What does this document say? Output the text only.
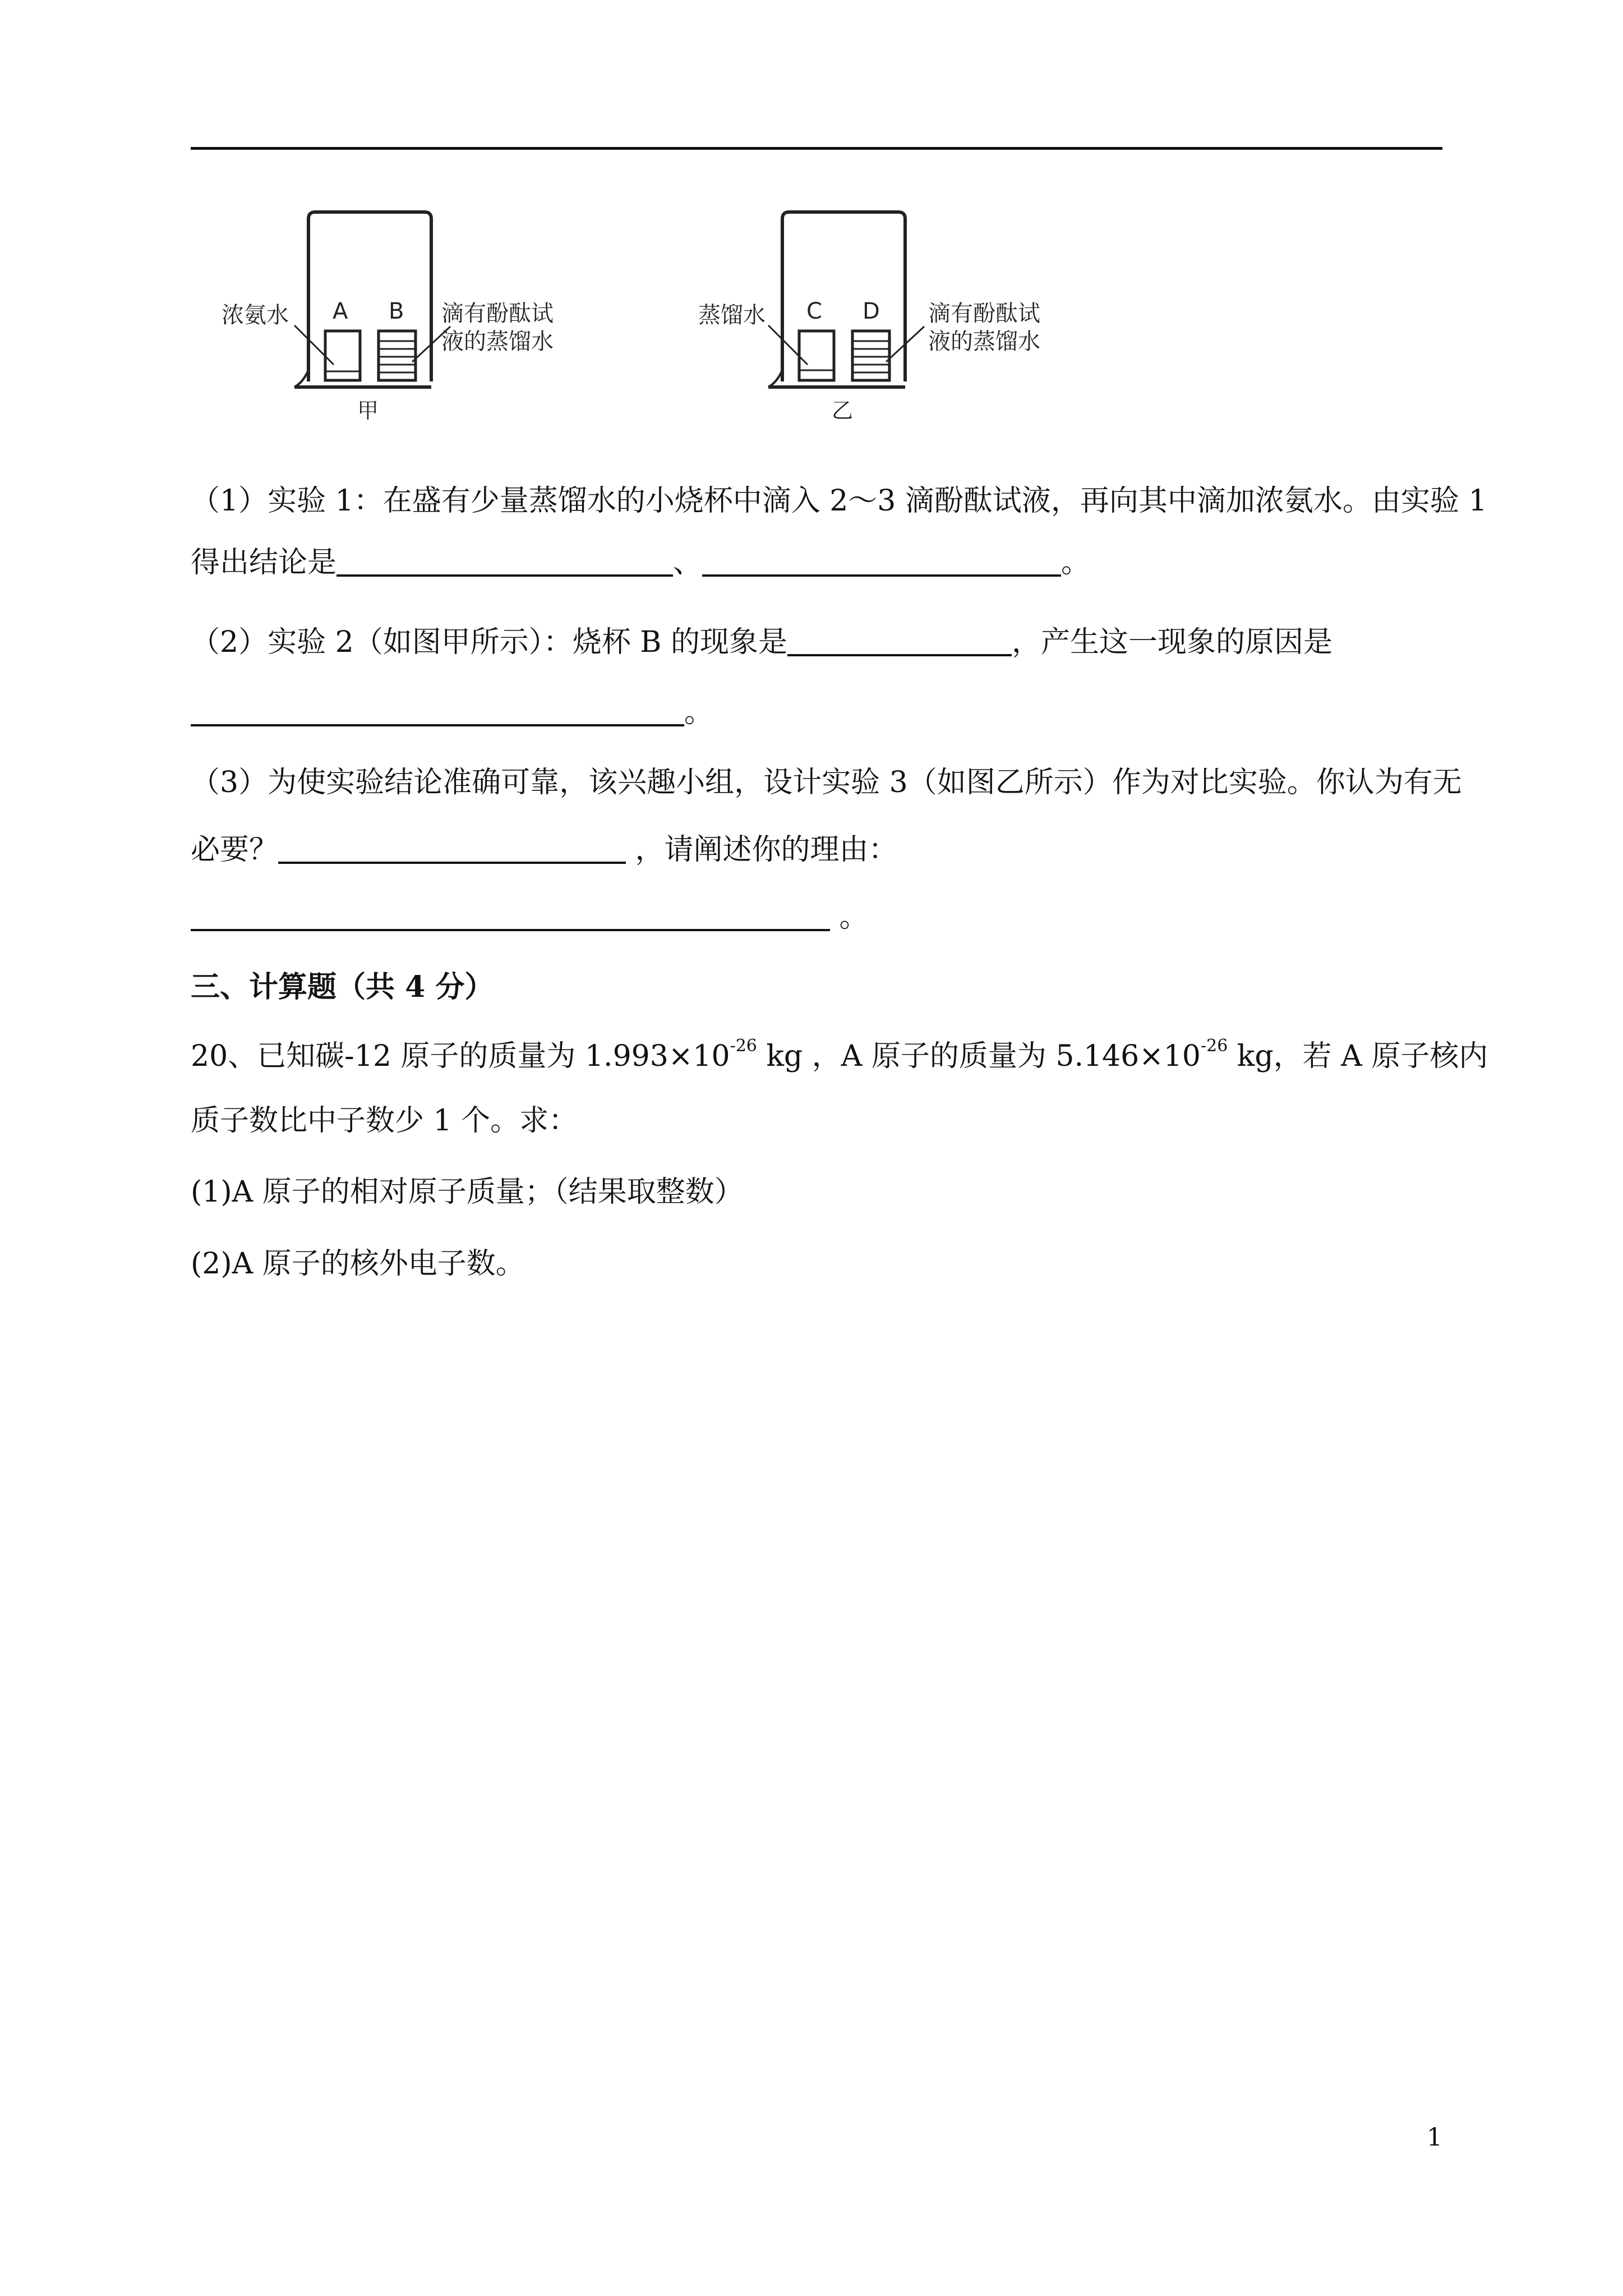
浓氨水 A B 滴有酚酞试
液的蒸馏水
甲
蒸馏水 C D 滴有酚酞试
液的蒸馏水
乙
（1）实验 1：在盛有少量蒸馏水的小烧杯中滴入 2～3 滴酚酞试液，再向其中滴加浓氨水。由实验 1
得出结论是	、	。
（2）实验 2（如图甲所示）：烧杯 B 的现象是	，产生这一现象的原因是
。
（3）为使实验结论准确可靠，该兴趣小组，设计实验 3（如图乙所示）作为对比实验。你认为有无
必要？	，请阐述你的理由：
。
三、计算题（共 4 分）
20、已知碳-12 原子的质量为 $1.993\times 10^{-26}$ kg ，A 原子的质量为 $5.146\times 10^{-26}$ kg，若 A 原子核内
质子数比中子数少 1 个。求：
(1)A 原子的相对原子质量；（结果取整数）
(2)A 原子的核外电子数。
1
